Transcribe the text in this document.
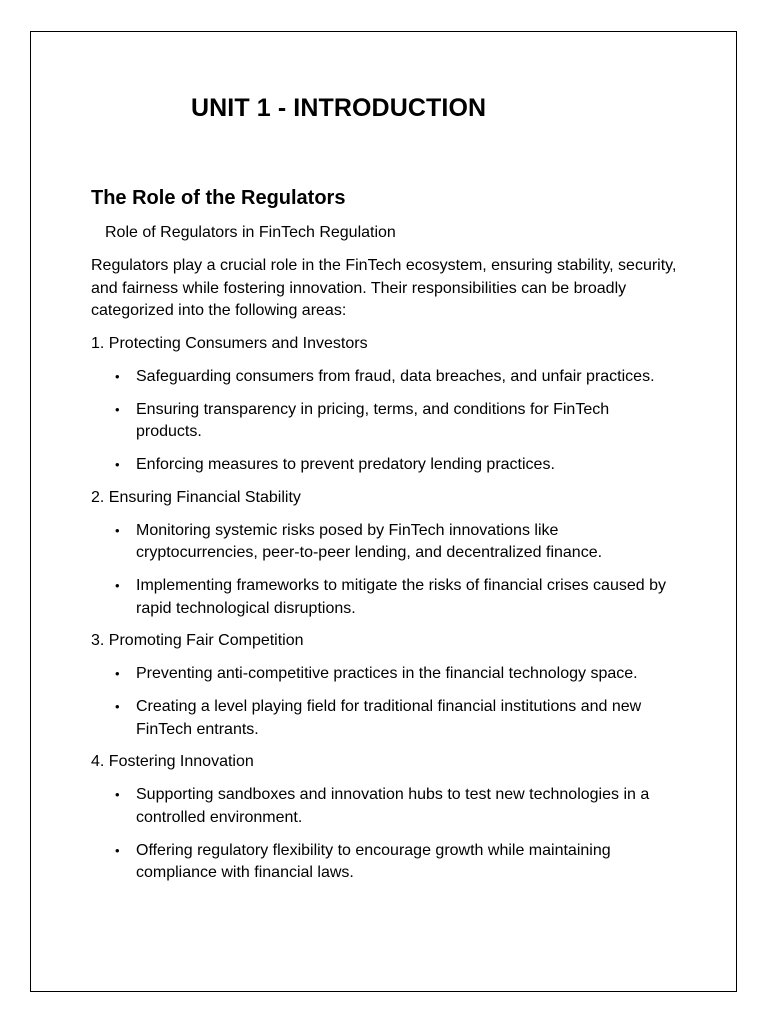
UNIT 1 - INTRODUCTION
The Role of the Regulators

Role of Regulators in FinTech Regulation

Regulators play a crucial role in the FinTech ecosystem, ensuring stability, security, and fairness while fostering innovation. Their responsibilities can be broadly categorized into the following areas:

1. Protecting Consumers and Investors

• Safeguarding consumers from fraud, data breaches, and unfair practices.
• Ensuring transparency in pricing, terms, and conditions for FinTech products.
• Enforcing measures to prevent predatory lending practices.

2. Ensuring Financial Stability

• Monitoring systemic risks posed by FinTech innovations like cryptocurrencies, peer-to-peer lending, and decentralized finance.
• Implementing frameworks to mitigate the risks of financial crises caused by rapid technological disruptions.

3. Promoting Fair Competition

• Preventing anti-competitive practices in the financial technology space.
• Creating a level playing field for traditional financial institutions and new FinTech entrants.

4. Fostering Innovation

• Supporting sandboxes and innovation hubs to test new technologies in a controlled environment.
• Offering regulatory flexibility to encourage growth while maintaining compliance with financial laws.
